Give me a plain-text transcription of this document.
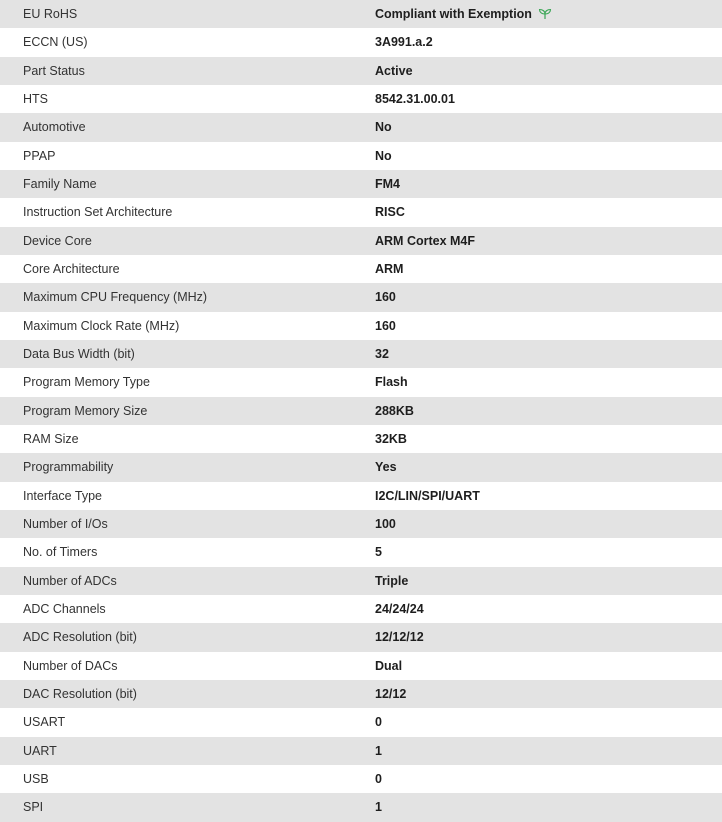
EU RoHS	Compliant with Exemption
ECCN (US)	3A991.a.2
Part Status	Active
HTS	8542.31.00.01
Automotive	No
PPAP	No
Family Name	FM4
Instruction Set Architecture	RISC
Device Core	ARM Cortex M4F
Core Architecture	ARM
Maximum CPU Frequency (MHz)	160
Maximum Clock Rate (MHz)	160
Data Bus Width (bit)	32
Program Memory Type	Flash
Program Memory Size	288KB
RAM Size	32KB
Programmability	Yes
Interface Type	I2C/LIN/SPI/UART
Number of I/Os	100
No. of Timers	5
Number of ADCs	Triple
ADC Channels	24/24/24
ADC Resolution (bit)	12/12/12
Number of DACs	Dual
DAC Resolution (bit)	12/12
USART	0
UART	1
USB	0
SPI	1
